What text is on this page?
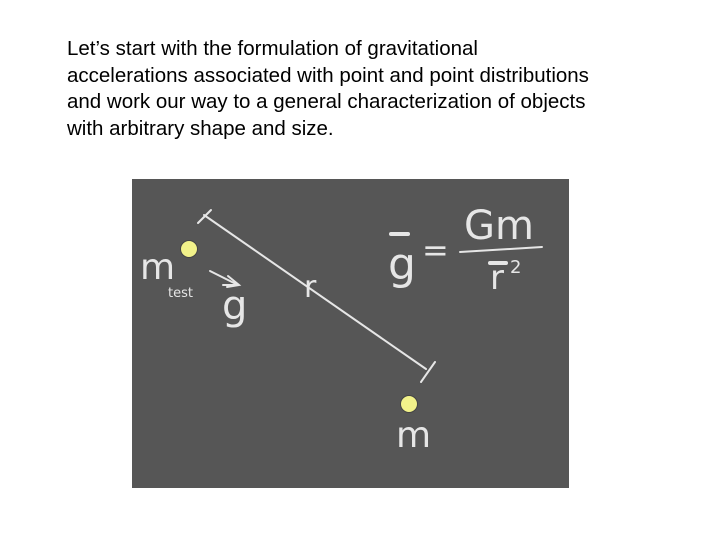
Let’s start with the formulation of gravitational
accelerations associated with point and point distributions
and work our way to a general characterization of objects
with arbitrary shape and size.
m
test g r g =
Gm
r 2
m
